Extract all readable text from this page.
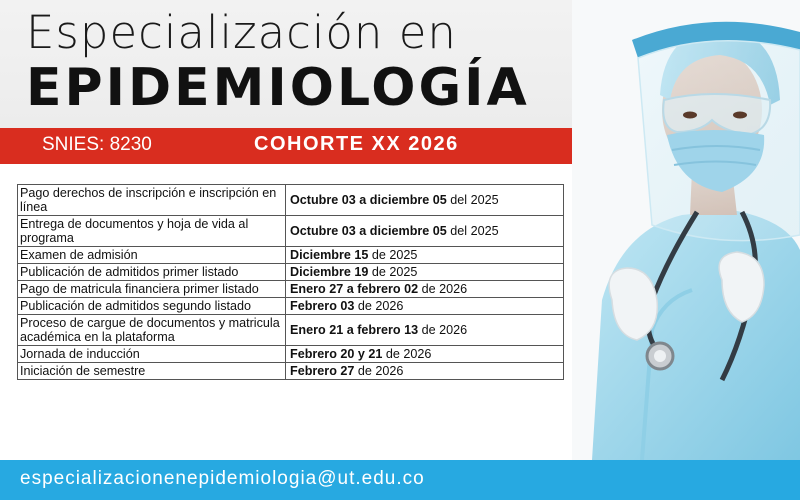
Especialización en
EPIDEMIOLOGÍA
SNIES: 8230	COHORTE XX 2026
Pago derechos de inscripción e inscripción en línea	Octubre 03 a diciembre 05 del 2025
Entrega de documentos y hoja de vida al programa	Octubre 03 a diciembre 05 del 2025
Examen de admisión	Diciembre 15 de 2025
Publicación de admitidos primer listado	Diciembre 19 de 2025
Pago de matricula financiera primer listado	Enero 27 a febrero 02 de 2026
Publicación de admitidos segundo listado	Febrero 03 de 2026
Proceso de cargue de documentos y matricula académica en la plataforma	Enero 21 a febrero 13 de 2026
Jornada de inducción	Febrero 20 y 21 de 2026
Iniciación de semestre	Febrero 27 de 2026
especializacionenepidemiologia@ut.edu.co
